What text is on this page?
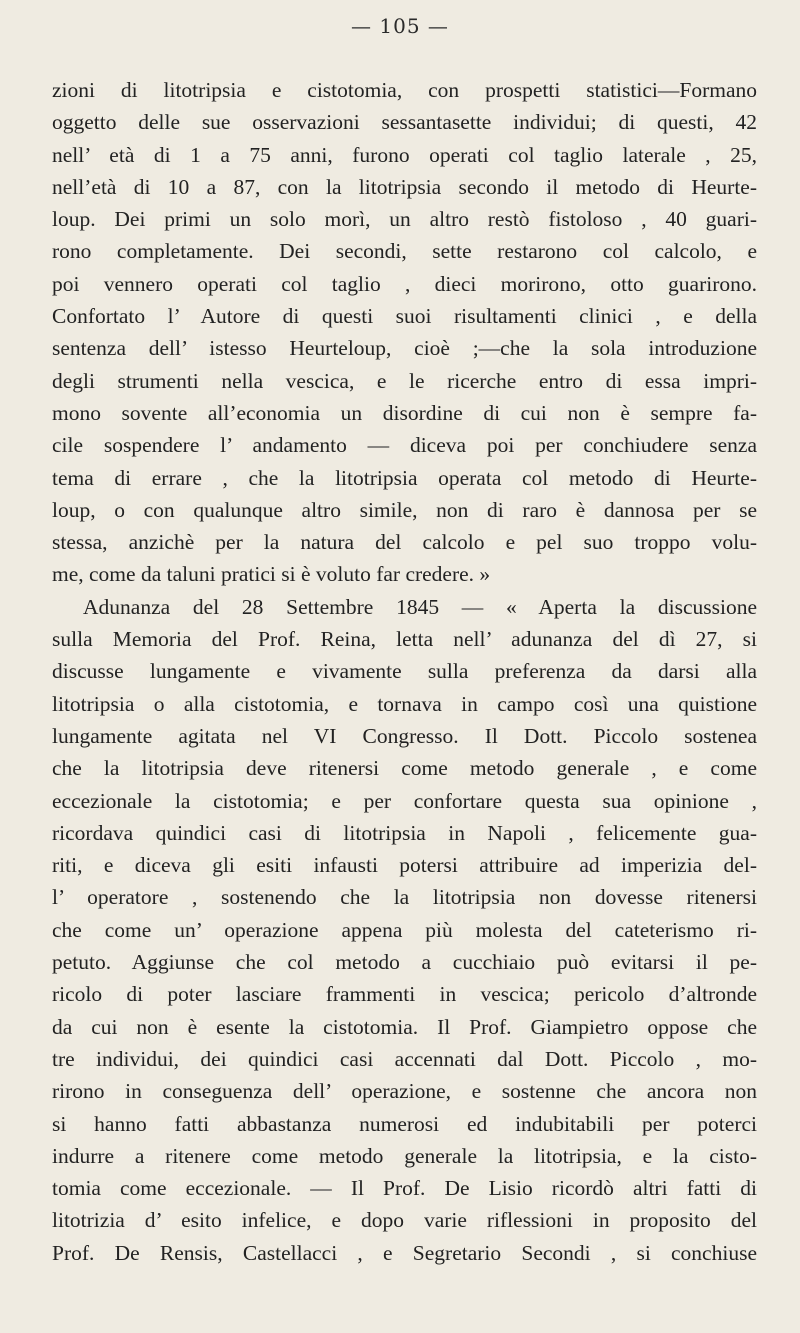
— 105 —
zioni di litotripsia e cistotomia, con prospetti statistici—Formano
oggetto delle sue osservazioni sessantasette individui; di questi, 42
nell’ età di 1 a 75 anni, furono operati col taglio laterale , 25,
nell’età di 10 a 87, con la litotripsia secondo il metodo di Heurte-
loup. Dei primi un solo morì, un altro restò fistoloso , 40 guari-
rono completamente. Dei secondi, sette restarono col calcolo, e
poi vennero operati col taglio , dieci morirono, otto guarirono.
Confortato l’ Autore di questi suoi risultamenti clinici , e della
sentenza dell’ istesso Heurteloup, cioè ;—che la sola introduzione
degli strumenti nella vescica, e le ricerche entro di essa impri-
mono sovente all’economia un disordine di cui non è sempre fa-
cile sospendere l’ andamento — diceva poi per conchiudere senza
tema di errare , che la litotripsia operata col metodo di Heurte-
loup, o con qualunque altro simile, non di raro è dannosa per se
stessa, anzichè per la natura del calcolo e pel suo troppo volu-
me, come da taluni pratici si è voluto far credere. »
Adunanza del 28 Settembre 1845 — « Aperta la discussione
sulla Memoria del Prof. Reina, letta nell’ adunanza del dì 27, si
discusse lungamente e vivamente sulla preferenza da darsi alla
litotripsia o alla cistotomia, e tornava in campo così una quistione
lungamente agitata nel VI Congresso. Il Dott. Piccolo sostenea
che la litotripsia deve ritenersi come metodo generale , e come
eccezionale la cistotomia; e per confortare questa sua opinione ,
ricordava quindici casi di litotripsia in Napoli , felicemente gua-
riti, e diceva gli esiti infausti potersi attribuire ad imperizia del-
l’ operatore , sostenendo che la litotripsia non dovesse ritenersi
che come un’ operazione appena più molesta del cateterismo ri-
petuto. Aggiunse che col metodo a cucchiaio può evitarsi il pe-
ricolo di poter lasciare frammenti in vescica; pericolo d’altronde
da cui non è esente la cistotomia. Il Prof. Giampietro oppose che
tre individui, dei quindici casi accennati dal Dott. Piccolo , mo-
rirono in conseguenza dell’ operazione, e sostenne che ancora non
si hanno fatti abbastanza numerosi ed indubitabili per poterci
indurre a ritenere come metodo generale la litotripsia, e la cisto-
tomia come eccezionale. — Il Prof. De Lisio ricordò altri fatti di
litotrizia d’ esito infelice, e dopo varie riflessioni in proposito del
Prof. De Rensis, Castellacci , e Segretario Secondi , si conchiuse
